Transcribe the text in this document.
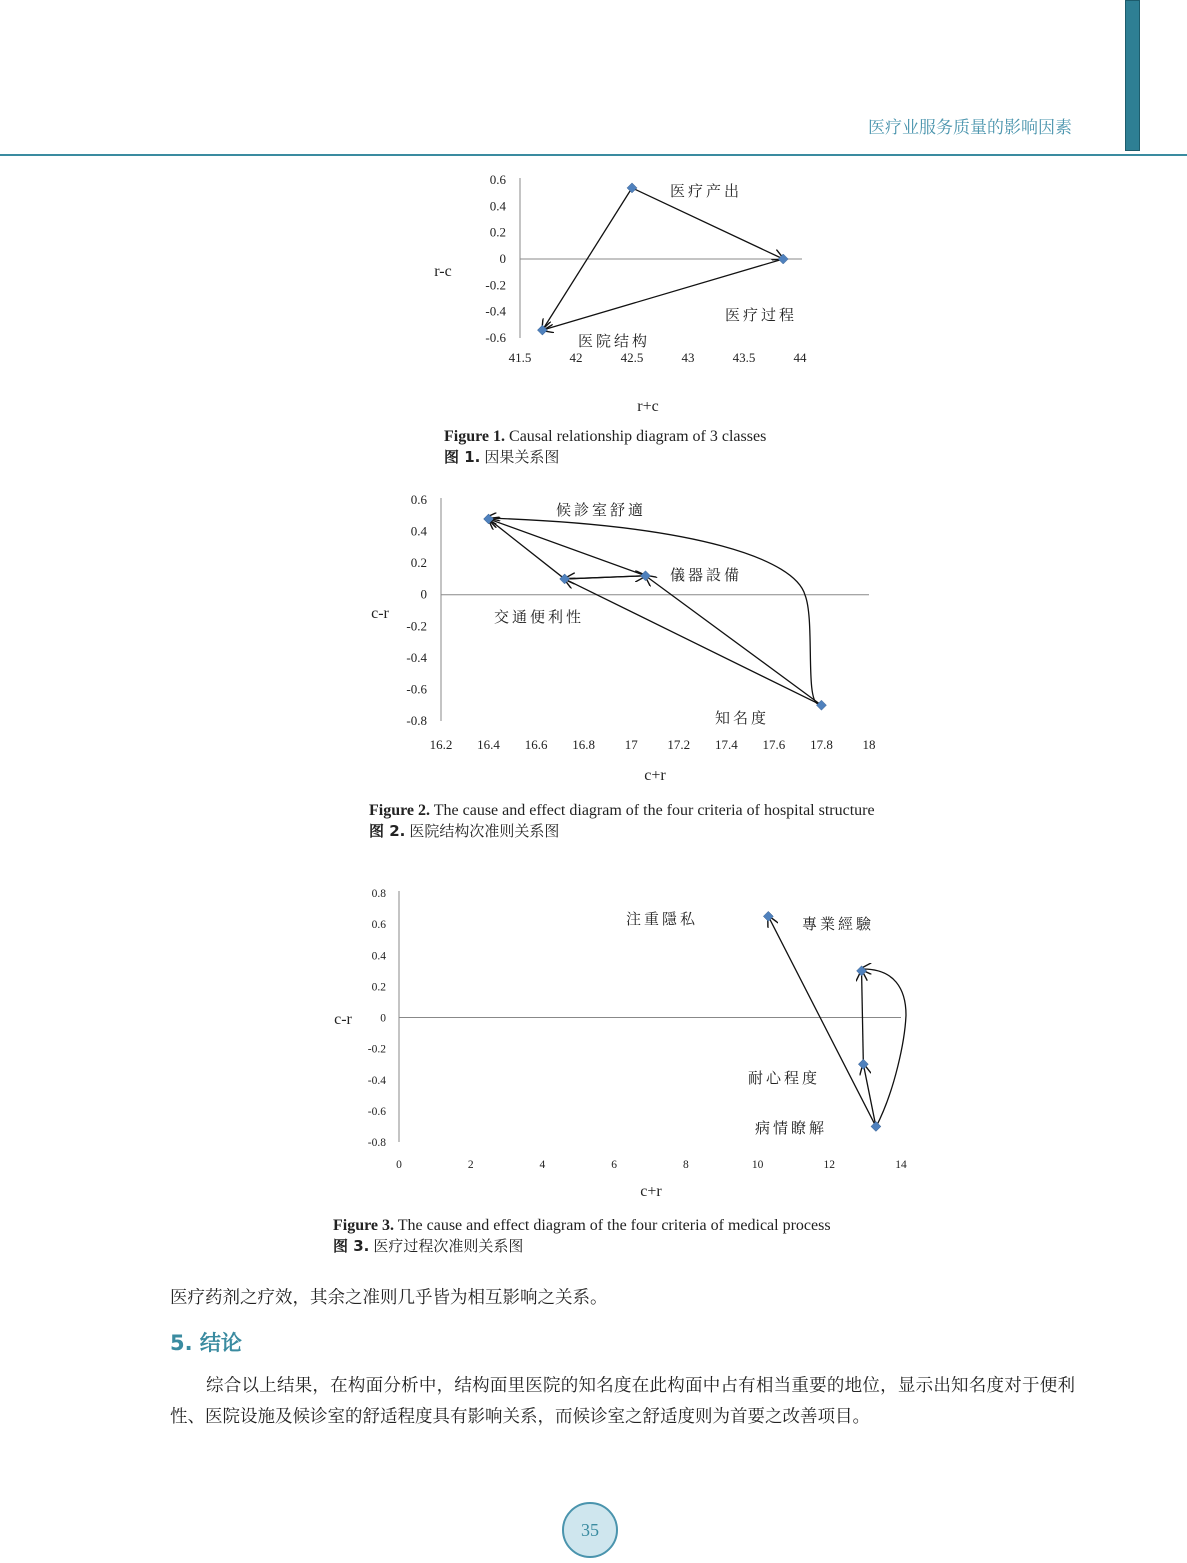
医疗业服务质量的影响因素
0.6
0.4
0.2
0
-0.2
-0.4
-0.6
41.5	42	42.5	43	43.5	44
r+c
r-c
医疗产出
医疗过程
医院结构
Figure 1. Causal relationship diagram of 3 classes
图 1. 因果关系图
0.6
0.4
0.2
0
-0.2
-0.4
-0.6
-0.8
16.2 16.4 16.6 16.8 17 17.2 17.4 17.6 17.8 18
c+r
c-r
候診室舒適
交通便利性
儀器設備
知名度
Figure 2. The cause and effect diagram of the four criteria of hospital structure
图 2. 医院结构次准则关系图
0.8
0.6
0.4
0.2
0
-0.2
-0.4
-0.6
-0.8
0	2	4	6	8	10	12	14
c+r
c-r
注重隱私	專業經驗
耐心程度
病情瞭解
Figure 3. The cause and effect diagram of the four criteria of medical process
图 3. 医疗过程次准则关系图
医疗药剂之疗效，其余之准则几乎皆为相互影响之关系。
5. 结论
综合以上结果，在构面分析中，结构面里医院的知名度在此构面中占有相当重要的地位，显示出知名度对于便利性、医院设施及候诊室的舒适程度具有影响关系，而候诊室之舒适度则为首要之改善项目。
35
